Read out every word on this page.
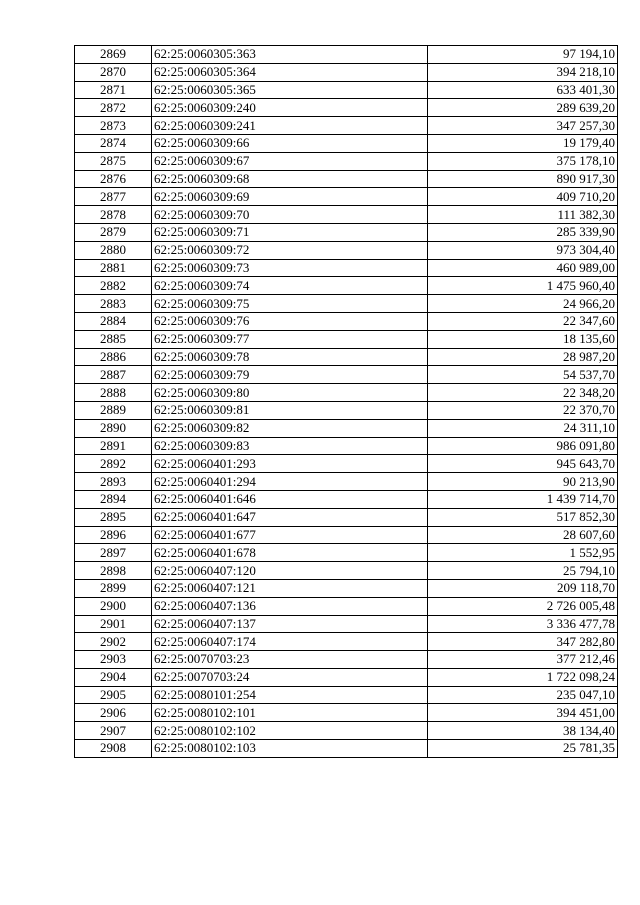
2869	62:25:0060305:363	97 194,10
2870	62:25:0060305:364	394 218,10
2871	62:25:0060305:365	633 401,30
2872	62:25:0060309:240	289 639,20
2873	62:25:0060309:241	347 257,30
2874	62:25:0060309:66	19 179,40
2875	62:25:0060309:67	375 178,10
2876	62:25:0060309:68	890 917,30
2877	62:25:0060309:69	409 710,20
2878	62:25:0060309:70	111 382,30
2879	62:25:0060309:71	285 339,90
2880	62:25:0060309:72	973 304,40
2881	62:25:0060309:73	460 989,00
2882	62:25:0060309:74	1 475 960,40
2883	62:25:0060309:75	24 966,20
2884	62:25:0060309:76	22 347,60
2885	62:25:0060309:77	18 135,60
2886	62:25:0060309:78	28 987,20
2887	62:25:0060309:79	54 537,70
2888	62:25:0060309:80	22 348,20
2889	62:25:0060309:81	22 370,70
2890	62:25:0060309:82	24 311,10
2891	62:25:0060309:83	986 091,80
2892	62:25:0060401:293	945 643,70
2893	62:25:0060401:294	90 213,90
2894	62:25:0060401:646	1 439 714,70
2895	62:25:0060401:647	517 852,30
2896	62:25:0060401:677	28 607,60
2897	62:25:0060401:678	1 552,95
2898	62:25:0060407:120	25 794,10
2899	62:25:0060407:121	209 118,70
2900	62:25:0060407:136	2 726 005,48
2901	62:25:0060407:137	3 336 477,78
2902	62:25:0060407:174	347 282,80
2903	62:25:0070703:23	377 212,46
2904	62:25:0070703:24	1 722 098,24
2905	62:25:0080101:254	235 047,10
2906	62:25:0080102:101	394 451,00
2907	62:25:0080102:102	38 134,40
2908	62:25:0080102:103	25 781,35
